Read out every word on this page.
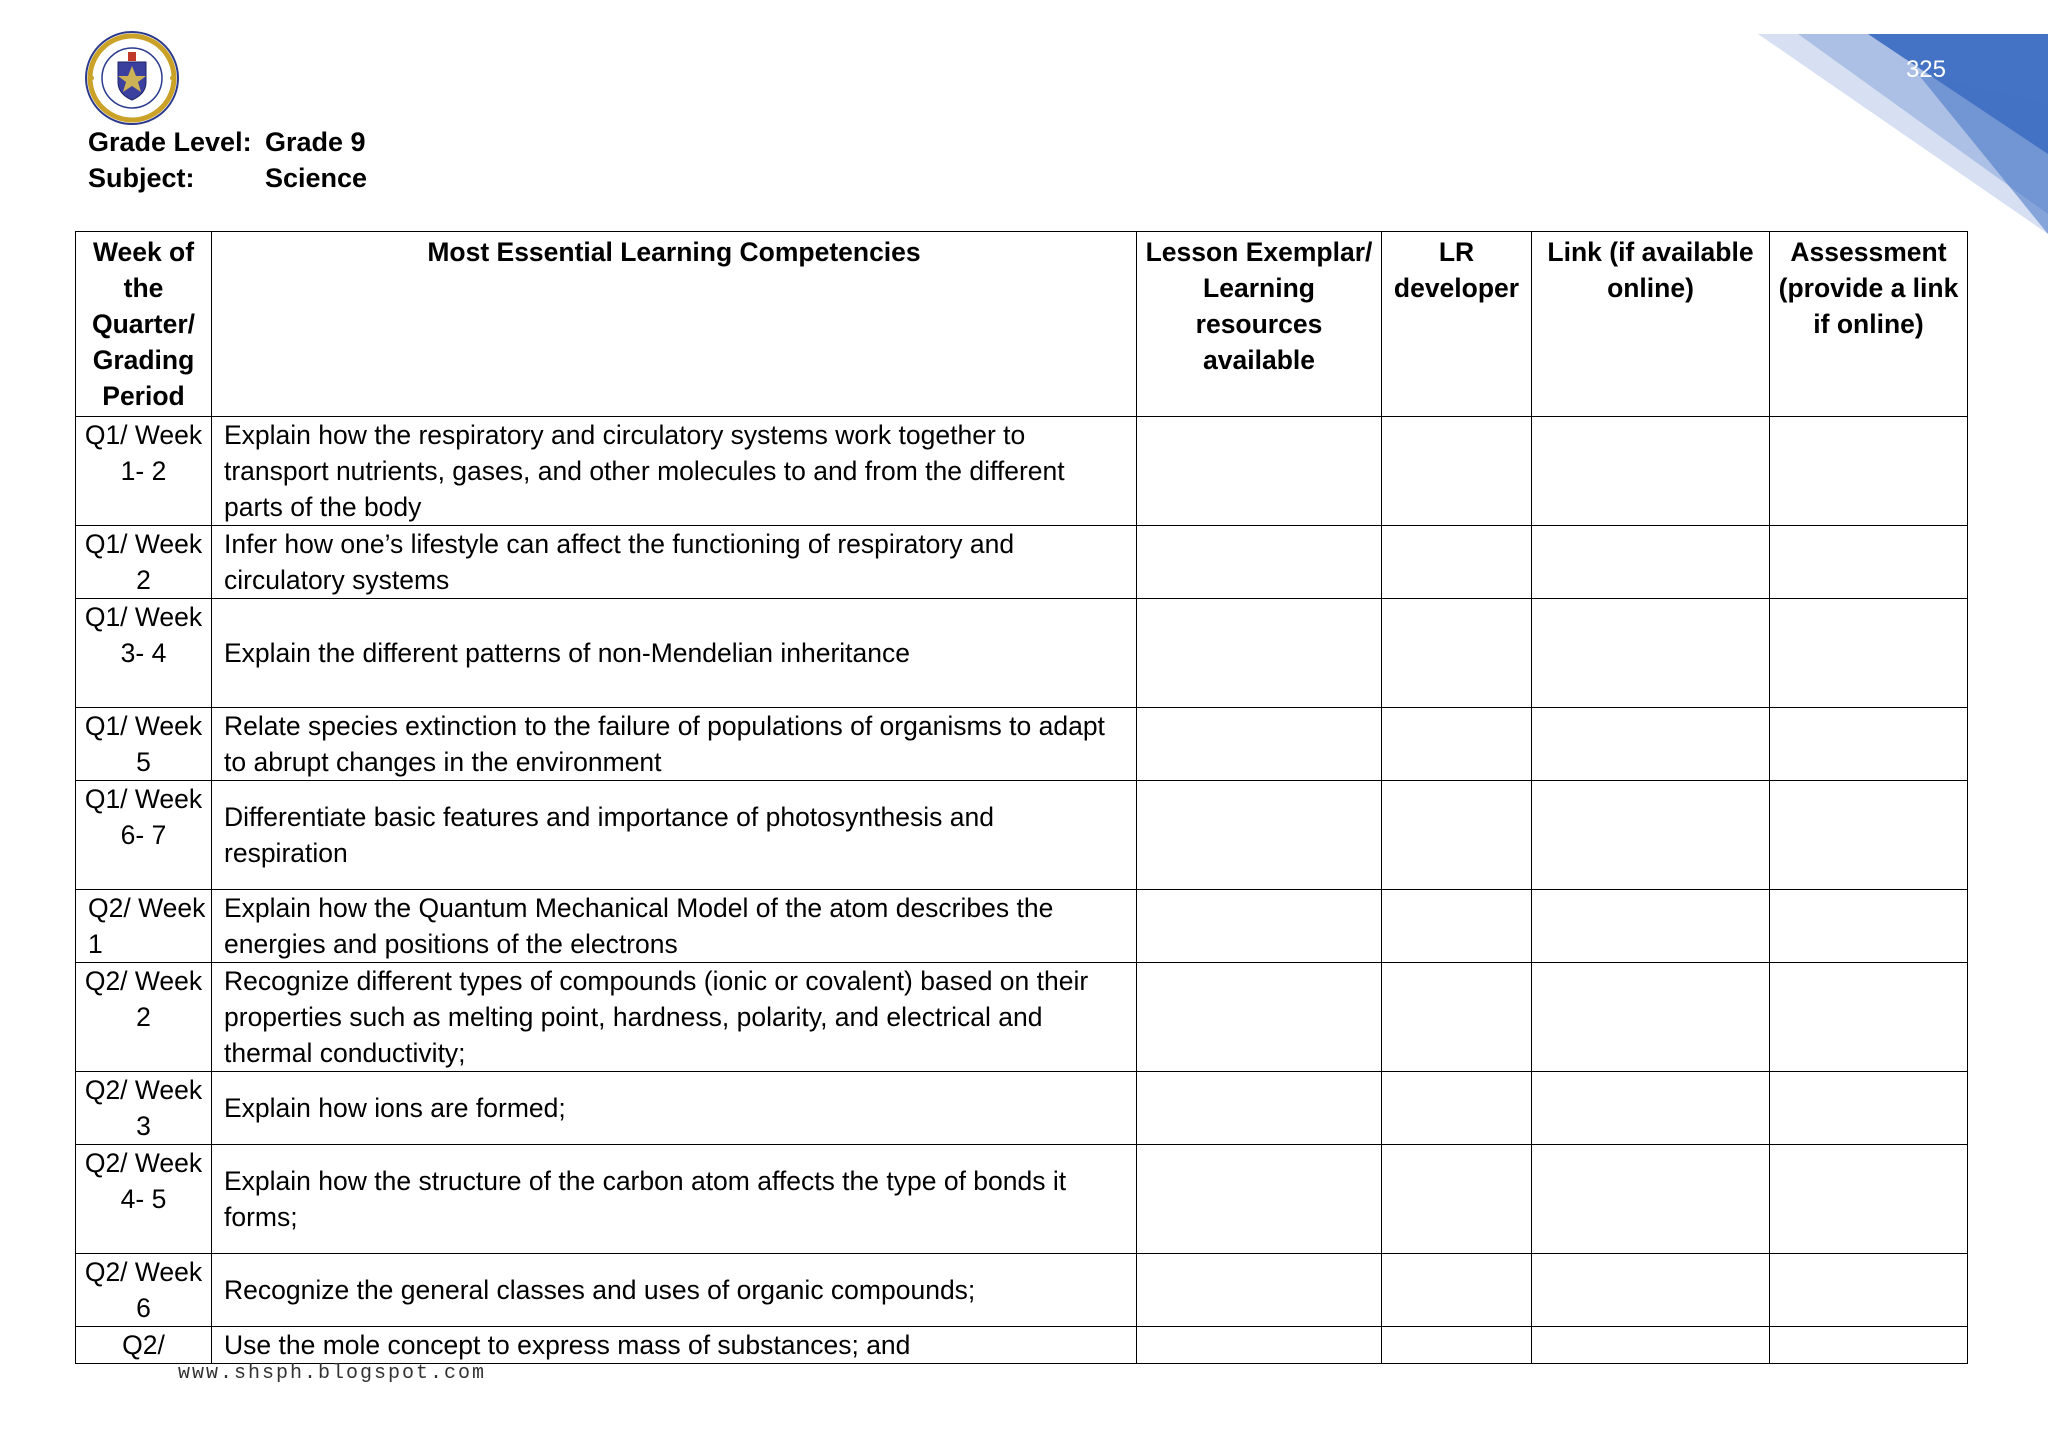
325
Grade Level: Grade 9
Subject:	Science
Week of the Quarter/ Grading Period	Most Essential Learning Competencies	Lesson Exemplar/ Learning resources available	LR developer	Link (if available online)	Assessment (provide a link if online)
Q1/ Week 1- 2	Explain how the respiratory and circulatory systems work together to transport nutrients, gases, and other molecules to and from the different parts of the body				
Q1/ Week 2	Infer how one’s lifestyle can affect the functioning of respiratory and circulatory systems				
Q1/ Week 3- 4	Explain the different patterns of non-Mendelian inheritance				
Q1/ Week 5	Relate species extinction to the failure of populations of organisms to adapt to abrupt changes in the environment				
Q1/ Week 6- 7	Differentiate basic features and importance of photosynthesis and respiration				
Q2/ Week 1	Explain how the Quantum Mechanical Model of the atom describes the energies and positions of the electrons				
Q2/ Week 2	Recognize different types of compounds (ionic or covalent) based on their properties such as melting point, hardness, polarity, and electrical and thermal conductivity;				
Q2/ Week 3	Explain how ions are formed;				
Q2/ Week 4- 5	Explain how the structure of the carbon atom affects the type of bonds it forms;				
Q2/ Week 6	Recognize the general classes and uses of organic compounds;				
Q2/	Use the mole concept to express mass of substances; and				
www.shsph.blogspot.com
